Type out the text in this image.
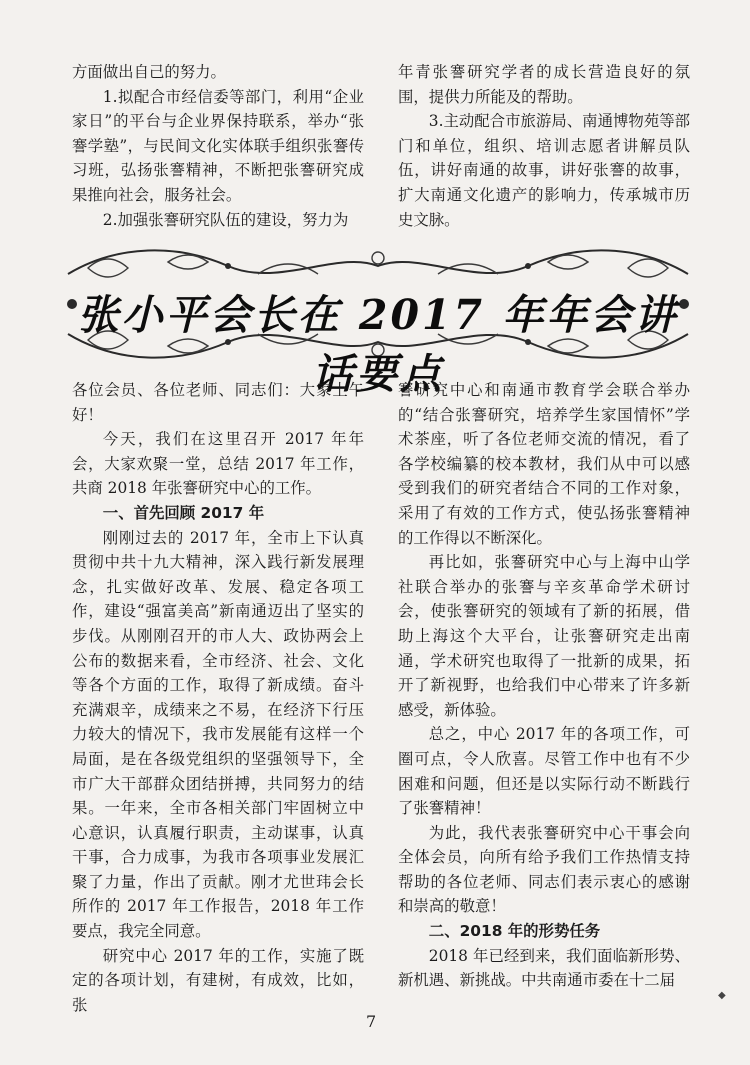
方面做出自己的努力。

1.拟配合市经信委等部门，利用“企业家日”的平台与企业界保持联系，举办“张謇学塾”，与民间文化实体联手组织张謇传习班，弘扬张謇精神，不断把张謇研究成果推向社会，服务社会。

2.加强张謇研究队伍的建设，努力为

年青张謇研究学者的成长营造良好的氛围，提供力所能及的帮助。

3.主动配合市旅游局、南通博物苑等部门和单位，组织、培训志愿者讲解员队伍，讲好南通的故事，讲好张謇的故事，扩大南通文化遗产的影响力，传承城市历史文脉。

张小平会长在 2017 年年会讲话要点

各位会员、各位老师、同志们：大家上午好！

今天，我们在这里召开 2017 年年会，大家欢聚一堂，总结 2017 年工作，共商 2018 年张謇研究中心的工作。

一、首先回顾 2017 年

刚刚过去的 2017 年，全市上下认真贯彻中共十九大精神，深入践行新发展理念，扎实做好改革、发展、稳定各项工作，建设“强富美高”新南通迈出了坚实的步伐。从刚刚召开的市人大、政协两会上公布的数据来看，全市经济、社会、文化等各个方面的工作，取得了新成绩。奋斗充满艰辛，成绩来之不易，在经济下行压力较大的情况下，我市发展能有这样一个局面，是在各级党组织的坚强领导下，全市广大干部群众团结拼搏，共同努力的结果。一年来，全市各相关部门牢固树立中心意识，认真履行职责，主动谋事，认真干事，合力成事，为我市各项事业发展汇聚了力量，作出了贡献。刚才尤世玮会长所作的 2017 年工作报告，2018 年工作要点，我完全同意。

研究中心 2017 年的工作，实施了既定的各项计划，有建树，有成效，比如，张

謇研究中心和南通市教育学会联合举办的“结合张謇研究，培养学生家国情怀”学术茶座，听了各位老师交流的情况，看了各学校编纂的校本教材，我们从中可以感受到我们的研究者结合不同的工作对象，采用了有效的工作方式，使弘扬张謇精神的工作得以不断深化。

再比如，张謇研究中心与上海中山学社联合举办的张謇与辛亥革命学术研讨会，使张謇研究的领域有了新的拓展，借助上海这个大平台，让张謇研究走出南通，学术研究也取得了一批新的成果，拓开了新视野，也给我们中心带来了许多新感受，新体验。

总之，中心 2017 年的各项工作，可圈可点，令人欣喜。尽管工作中也有不少困难和问题，但还是以实际行动不断践行了张謇精神！

为此，我代表张謇研究中心干事会向全体会员，向所有给予我们工作热情支持帮助的各位老师、同志们表示衷心的感谢和崇高的敬意！

二、2018 年的形势任务

2018 年已经到来，我们面临新形势、新机遇、新挑战。中共南通市委在十二届

7
◆
